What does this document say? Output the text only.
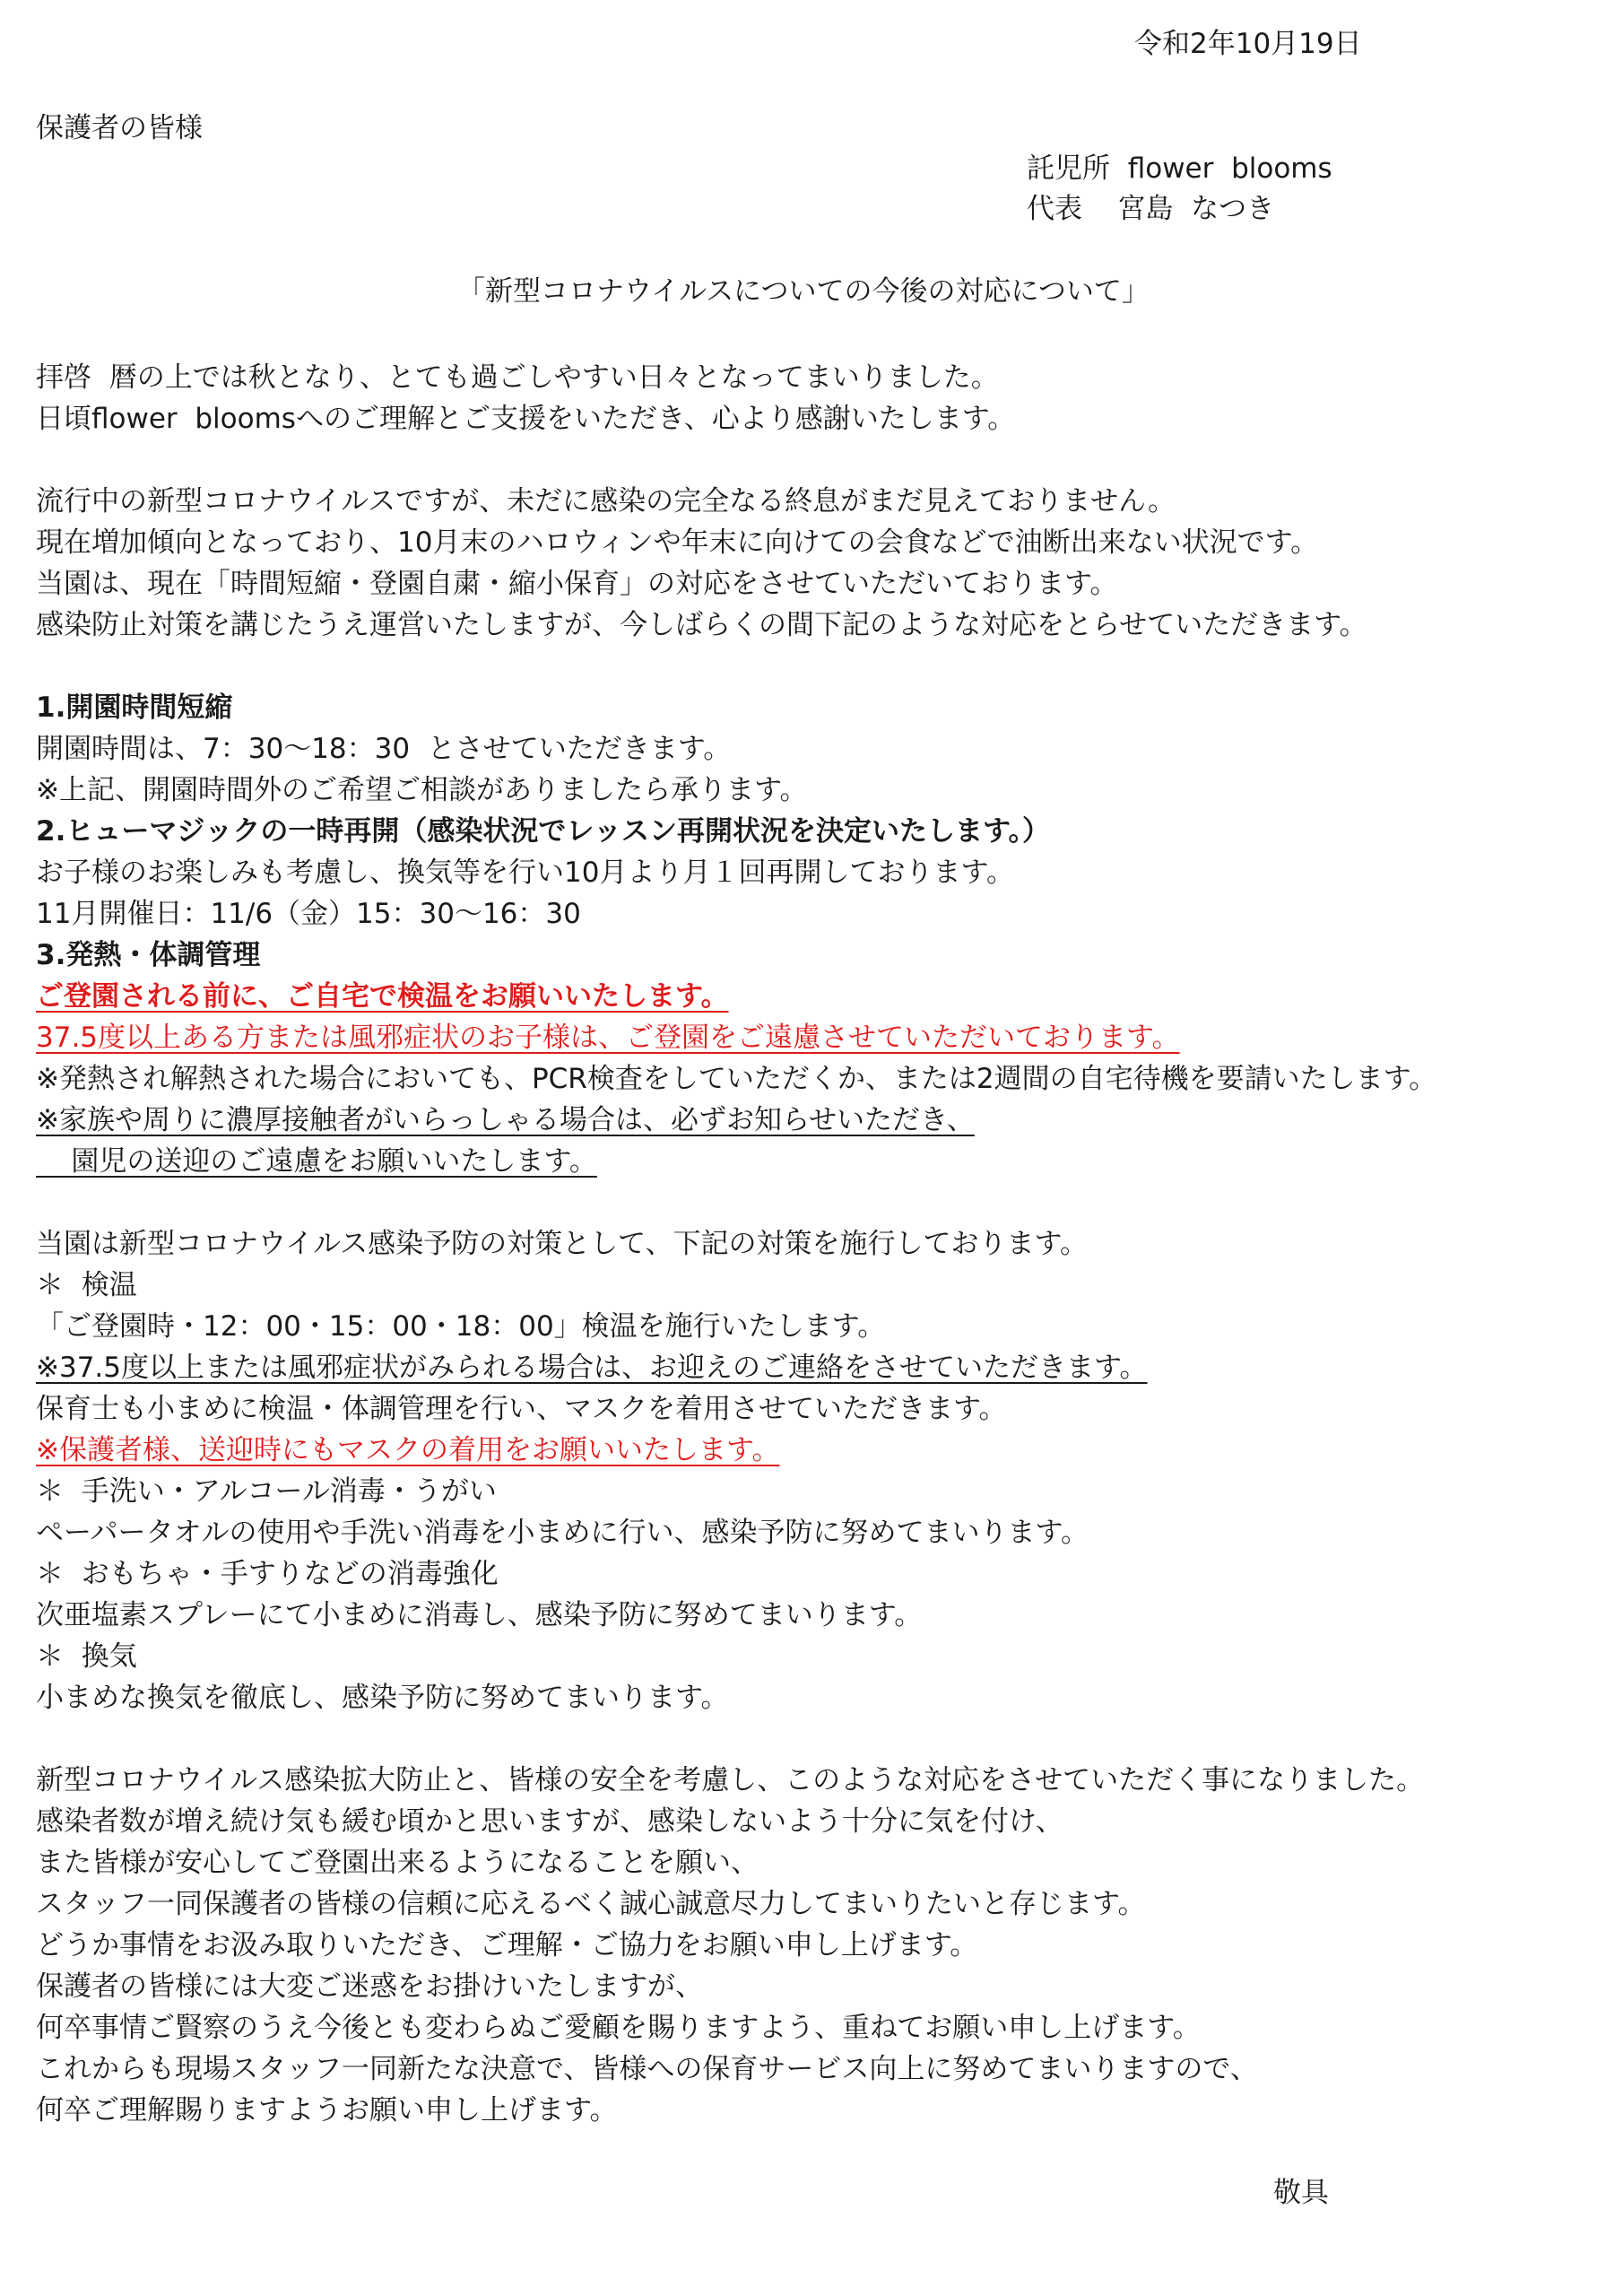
令和2年10月19日
保護者の皆様
託児所  flower  blooms
代表    宮島  なつき
「新型コロナウイルスについての今後の対応について」
拝啓  暦の上では秋となり、とても過ごしやすい日々となってまいりました。
日頃flower  bloomsへのご理解とご支援をいただき、心より感謝いたします。
流行中の新型コロナウイルスですが、未だに感染の完全なる終息がまだ見えておりません。
現在増加傾向となっており、10月末のハロウィンや年末に向けての会食などで油断出来ない状況です。
当園は、現在「時間短縮・登園自粛・縮小保育」の対応をさせていただいております。
感染防止対策を講じたうえ運営いたしますが、今しばらくの間下記のような対応をとらせていただきます。
1.開園時間短縮
開園時間は、7：30〜18：30  とさせていただきます。
※上記、開園時間外のご希望ご相談がありましたら承ります。
2.ヒューマジックの一時再開（感染状況でレッスン再開状況を決定いたします。）
お子様のお楽しみも考慮し、換気等を行い10月より月１回再開しております。
11月開催日：11/6（金）15：30〜16：30
3.発熱・体調管理
ご登園される前に、ご自宅で検温をお願いいたします。
37.5度以上ある方または風邪症状のお子様は、ご登園をご遠慮させていただいております。
※発熱され解熱された場合においても、PCR検査をしていただくか、または2週間の自宅待機を要請いたします。
※家族や周りに濃厚接触者がいらっしゃる場合は、必ずお知らせいただき、
園児の送迎のご遠慮をお願いいたします。
当園は新型コロナウイルス感染予防の対策として、下記の対策を施行しております。
＊  検温
「ご登園時・12：00・15：00・18：00」検温を施行いたします。
※37.5度以上または風邪症状がみられる場合は、お迎えのご連絡をさせていただきます。
保育士も小まめに検温・体調管理を行い、マスクを着用させていただきます。
※保護者様、送迎時にもマスクの着用をお願いいたします。
＊  手洗い・アルコール消毒・うがい
ペーパータオルの使用や手洗い消毒を小まめに行い、感染予防に努めてまいります。
＊  おもちゃ・手すりなどの消毒強化
次亜塩素スプレーにて小まめに消毒し、感染予防に努めてまいります。
＊  換気
小まめな換気を徹底し、感染予防に努めてまいります。
新型コロナウイルス感染拡大防止と、皆様の安全を考慮し、このような対応をさせていただく事になりました。
感染者数が増え続け気も緩む頃かと思いますが、感染しないよう十分に気を付け、
また皆様が安心してご登園出来るようになることを願い、
スタッフ一同保護者の皆様の信頼に応えるべく誠心誠意尽力してまいりたいと存じます。
どうか事情をお汲み取りいただき、ご理解・ご協力をお願い申し上げます。
保護者の皆様には大変ご迷惑をお掛けいたしますが、
何卒事情ご賢察のうえ今後とも変わらぬご愛顧を賜りますよう、重ねてお願い申し上げます。
これからも現場スタッフ一同新たな決意で、皆様への保育サービス向上に努めてまいりますので、
何卒ご理解賜りますようお願い申し上げます。
敬具
